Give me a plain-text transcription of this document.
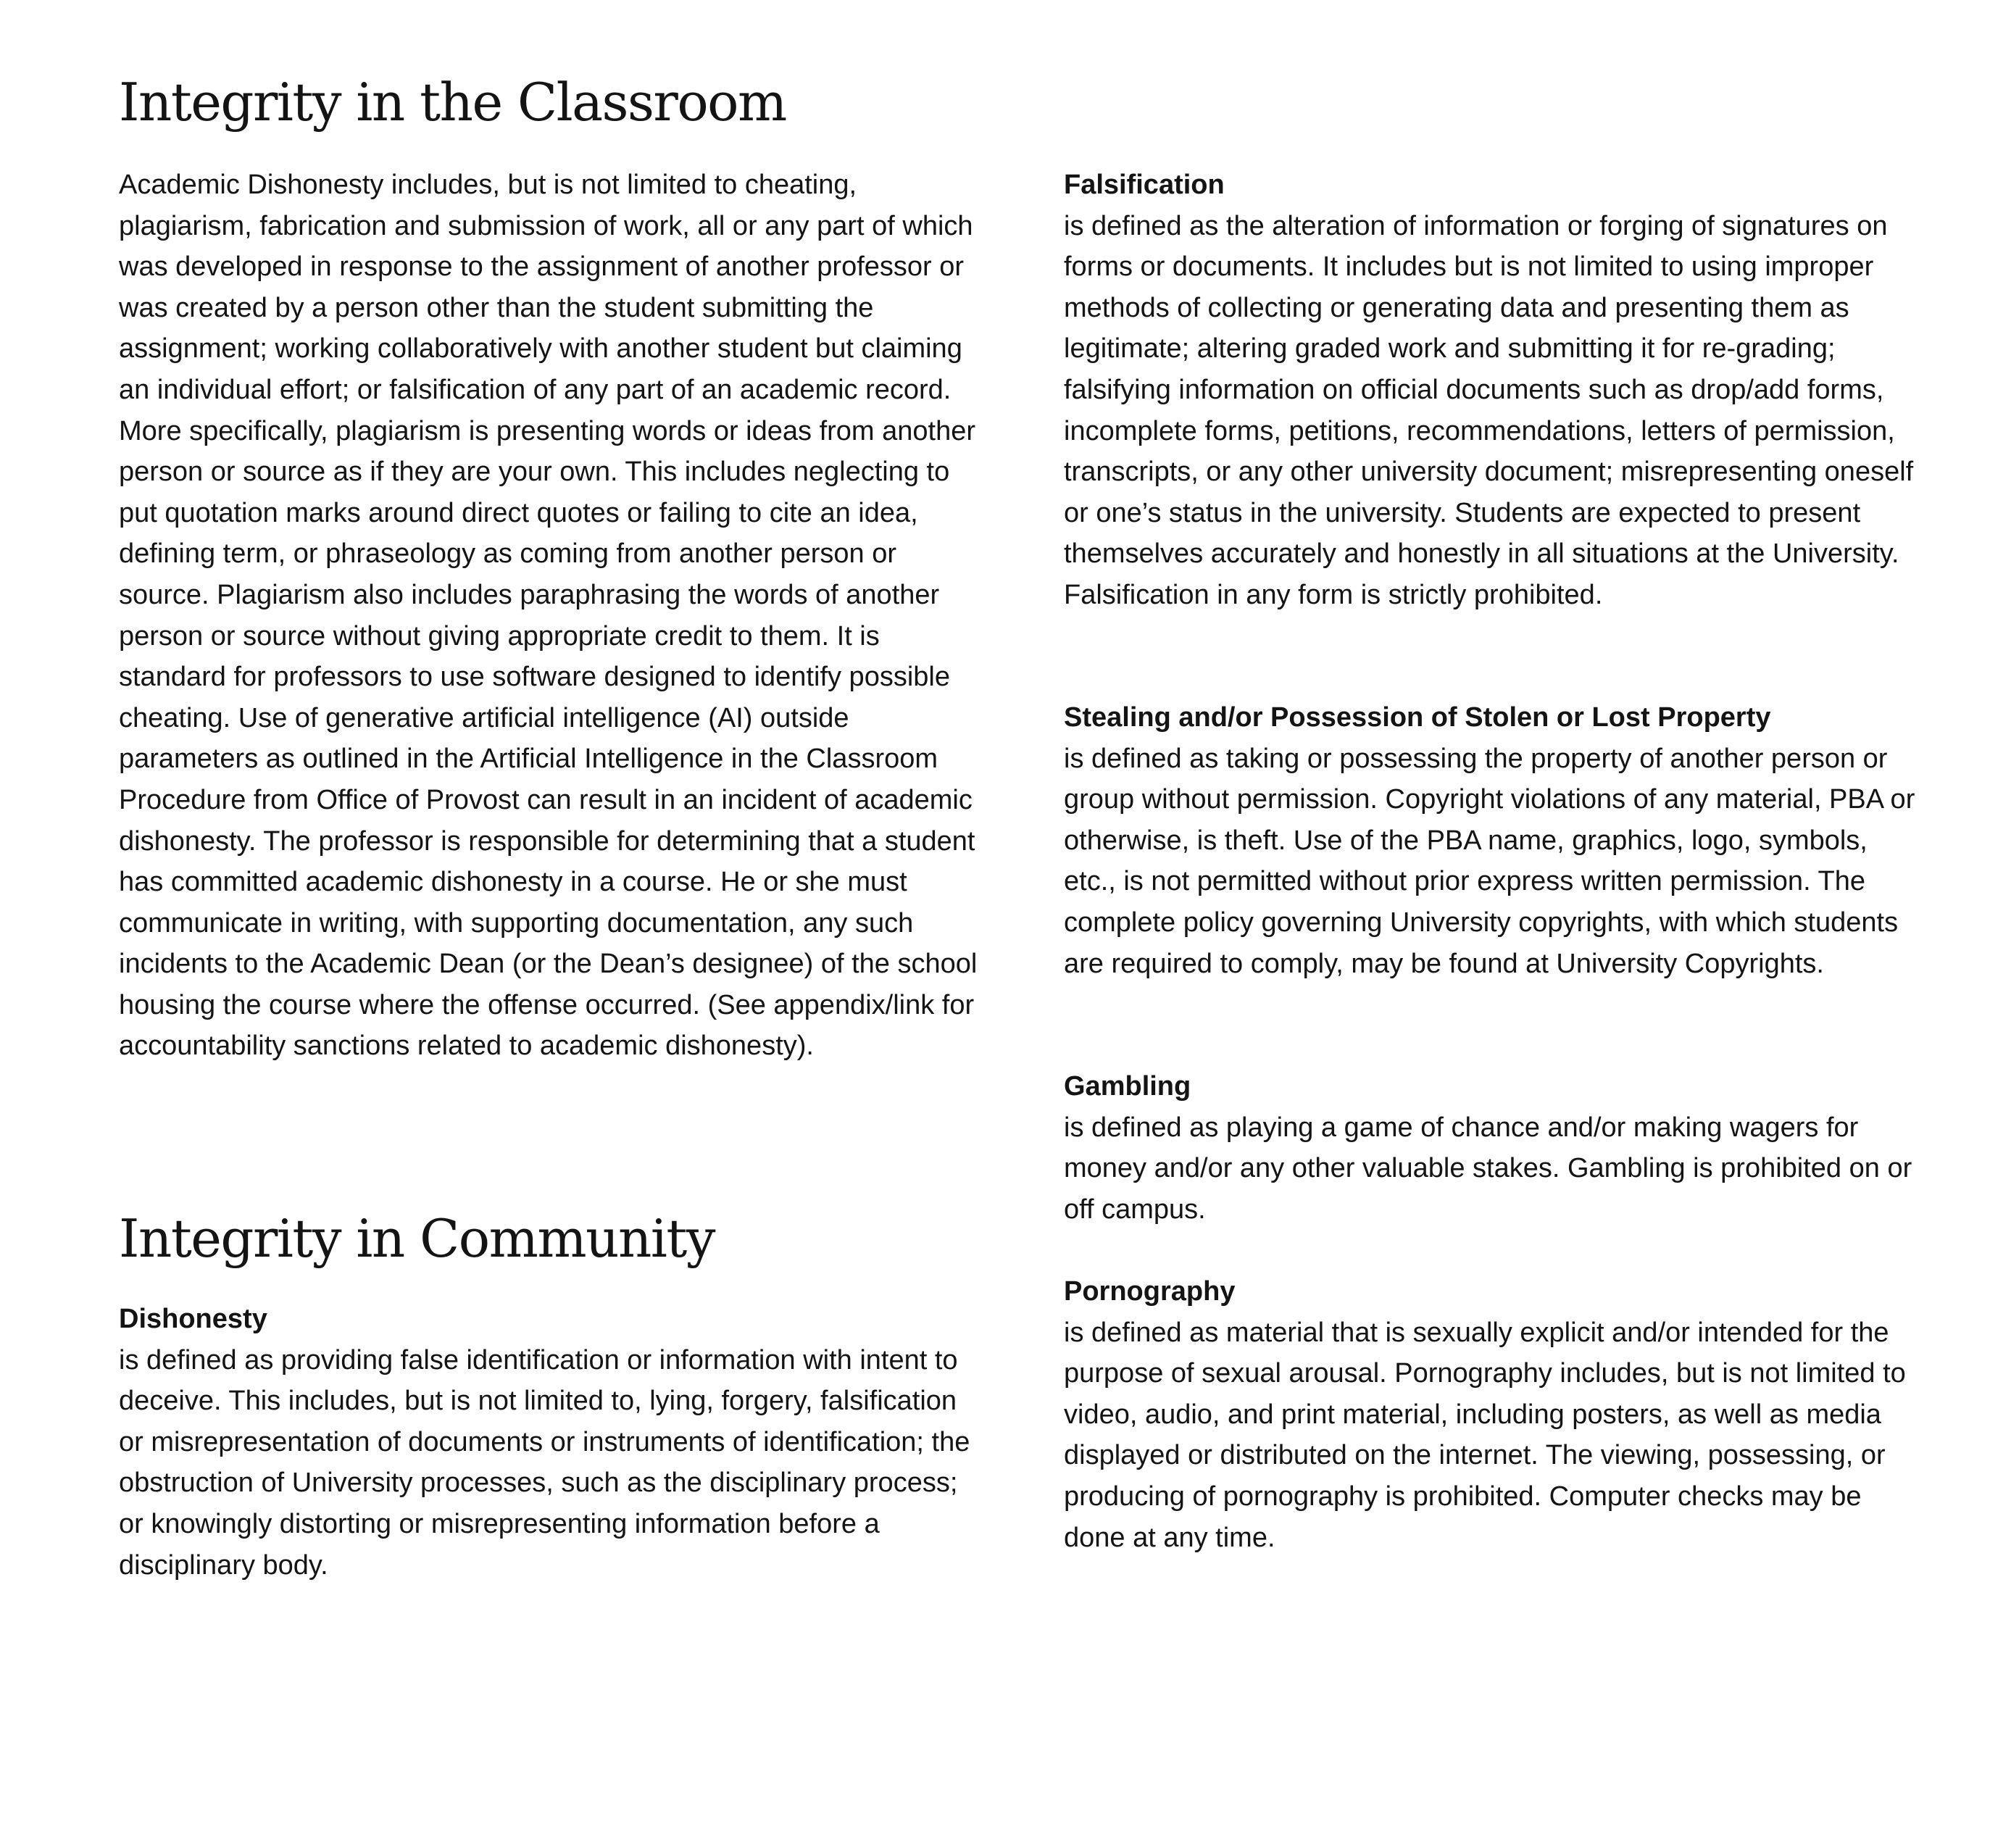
Integrity in the Classroom

Academic Dishonesty includes, but is not limited to cheating, plagiarism, fabrication and submission of work, all or any part of which was developed in response to the assignment of another professor or was created by a person other than the student submitting the assignment; working collaboratively with another student but claiming an individual effort; or falsification of any part of an academic record. More specifically, plagiarism is presenting words or ideas from another person or source as if they are your own. This includes neglecting to put quotation marks around direct quotes or failing to cite an idea, defining term, or phraseology as coming from another person or source. Plagiarism also includes paraphrasing the words of another person or source without giving appropriate credit to them. It is standard for professors to use software designed to identify possible cheating. Use of generative artificial intelligence (AI) outside parameters as outlined in the Artificial Intelligence in the Classroom Procedure from Office of Provost can result in an incident of academic dishonesty. The professor is responsible for determining that a student has committed academic dishonesty in a course. He or she must communicate in writing, with supporting documentation, any such incidents to the Academic Dean (or the Dean’s designee) of the school housing the course where the offense occurred. (See appendix/link for accountability sanctions related to academic dishonesty).

Integrity in Community
Dishonesty

is defined as providing false identification or information with intent to deceive. This includes, but is not limited to, lying, forgery, falsification or misrepresentation of documents or instruments of identification; the obstruction of University processes, such as the disciplinary process; or knowingly distorting or misrepresenting information before a disciplinary body.

Falsification

is defined as the alteration of information or forging of signatures on forms or documents. It includes but is not limited to using improper methods of collecting or generating data and presenting them as legitimate; altering graded work and submitting it for re-grading; falsifying information on official documents such as drop/add forms, incomplete forms, petitions, recommendations, letters of permission, transcripts, or any other university document; misrepresenting oneself or one’s status in the university. Students are expected to present themselves accurately and honestly in all situations at the University. Falsification in any form is strictly prohibited.

Stealing and/or Possession of Stolen or Lost Property

is defined as taking or possessing the property of another person or group without permission. Copyright violations of any material, PBA or otherwise, is theft. Use of the PBA name, graphics, logo, symbols, etc., is not permitted without prior express written permission. The complete policy governing University copyrights, with which students are required to comply, may be found at University Copyrights.

Gambling

is defined as playing a game of chance and/or making wagers for money and/or any other valuable stakes. Gambling is prohibited on or off campus.

Pornography

is defined as material that is sexually explicit and/or intended for the purpose of sexual arousal. Pornography includes, but is not limited to video, audio, and print material, including posters, as well as media displayed or distributed on the internet. The viewing, possessing, or producing of pornography is prohibited. Computer checks may be done at any time.
